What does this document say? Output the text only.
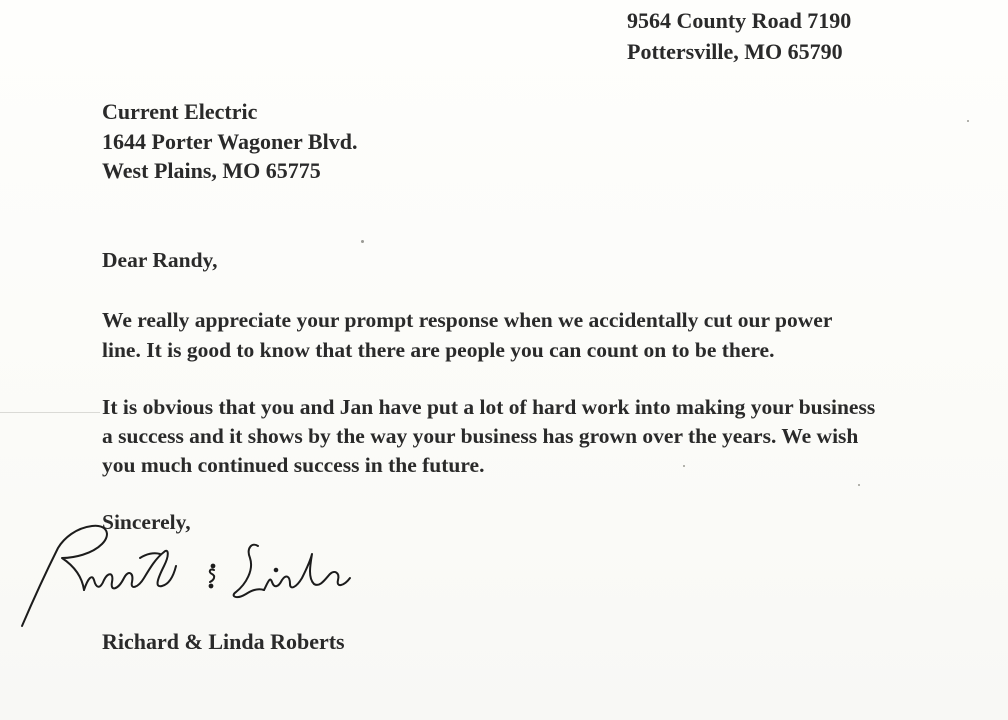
9564 County Road 7190

Pottersville, MO 65790

Current Electric

1644 Porter Wagoner Blvd.

West Plains, MO 65775

Dear Randy,

We really appreciate your prompt response when we accidentally cut our power

line. It is good to know that there are people you can count on to be there.

It is obvious that you and Jan have put a lot of hard work into making your business

a success and it shows by the way your business has grown over the years. We wish

you much continued success in the future.

Sincerely,

Richard & Linda Roberts
